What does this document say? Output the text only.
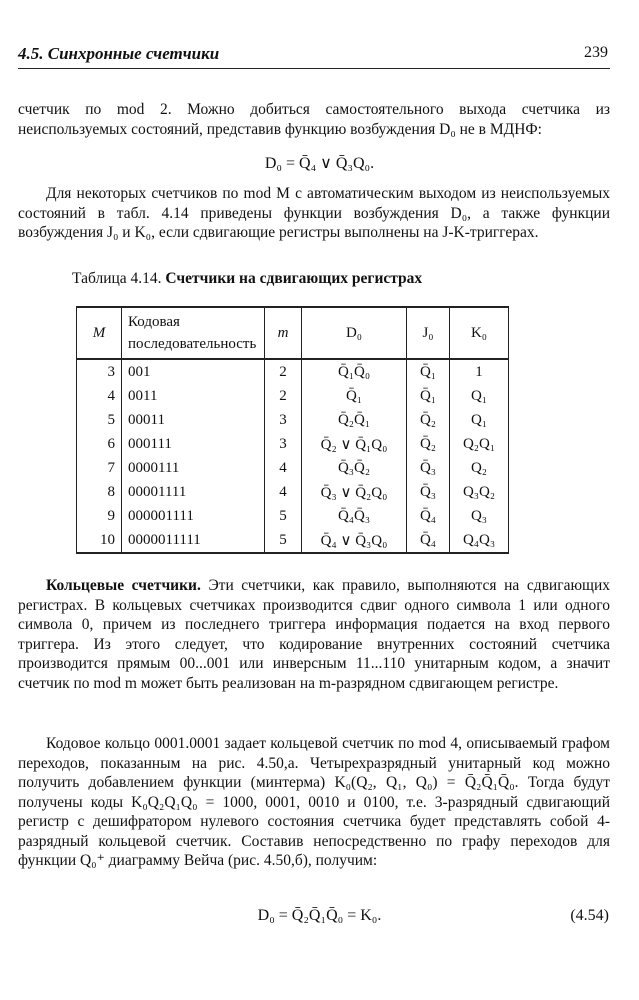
4.5. Синхронные счетчики	239
счетчик по mod 2. Можно добиться самостоятельного выхода счетчика из неиспользуемых состояний, представив функцию возбуждения D₀ не в МДНФ:
D₀ = Q̄₄ ∨ Q̄₃Q₀.
Для некоторых счетчиков по mod M с автоматическим выходом из неиспользуемых состояний в табл. 4.14 приведены функции возбуждения D₀, а также функции возбуждения J₀ и K₀, если сдвигающие регистры выполнены на J-K-триггерах.
Таблица 4.14. Счетчики на сдвигающих регистрах
M	Кодовая последовательность	m	D₀	J₀	K₀
3	001	2	Q̄₁Q̄₀	Q̄₁	1
4	0011	2	Q̄₁	Q̄₁	Q₁
5	00011	3	Q̄₂Q̄₁	Q̄₂	Q₁
6	000111	3	Q̄₂ ∨ Q̄₁Q₀	Q̄₂	Q₂Q₁
7	0000111	4	Q̄₃Q̄₂	Q̄₃	Q₂
8	00001111	4	Q̄₃ ∨ Q̄₂Q₀	Q̄₃	Q₃Q₂
9	000001111	5	Q̄₄Q̄₃	Q̄₄	Q₃
10	0000011111	5	Q̄₄ ∨ Q̄₃Q₀	Q̄₄	Q₄Q₃
Кольцевые счетчики. Эти счетчики, как правило, выполняются на сдвигающих регистрах. В кольцевых счетчиках производится сдвиг одного символа 1 или одного символа 0, причем из последнего триггера информация подается на вход первого триггера. Из этого следует, что кодирование внутренних состояний счетчика производится прямым 00...001 или инверсным 11...110 унитарным кодом, а значит счетчик по mod m может быть реализован на m-разрядном сдвигающем регистре.
Кодовое кольцо 0001.0001 задает кольцевой счетчик по mod 4, описываемый графом переходов, показанным на рис. 4.50,а. Четырехразрядный унитарный код можно получить добавлением функции (минтерма) K₀(Q₂, Q₁, Q₀) = Q̄₂Q̄₁Q̄₀. Тогда будут получены коды K₀Q₂Q₁Q₀ = 1000, 0001, 0010 и 0100, т.е. 3-разрядный сдвигающий регистр с дешифратором нулевого состояния счетчика будет представлять собой 4-разрядный кольцевой счетчик. Составив непосредственно по графу переходов для функции Q₀⁺ диаграмму Вейча (рис. 4.50,б), получим:
D₀ = Q̄₂Q̄₁Q̄₀ = K₀.	(4.54)
